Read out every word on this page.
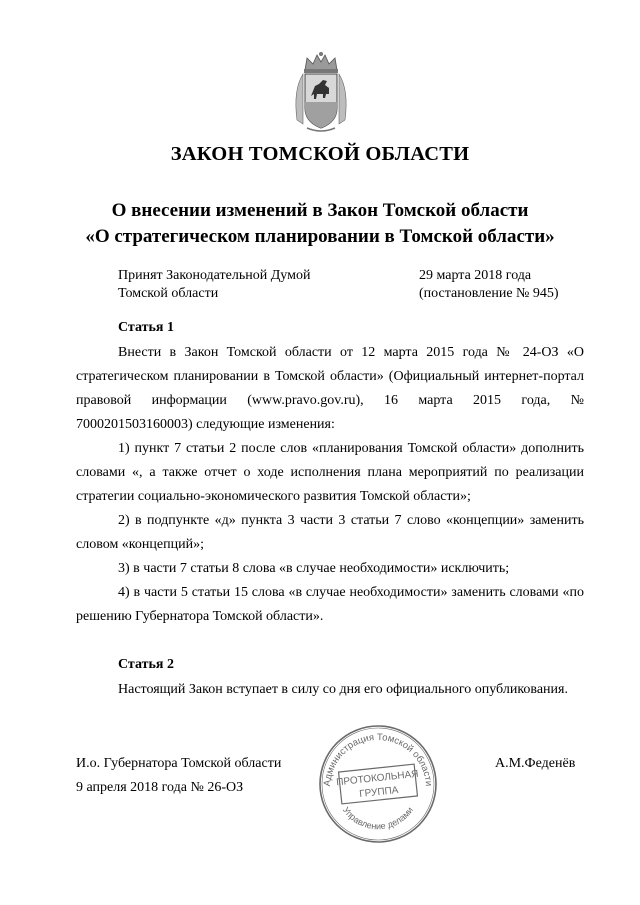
ЗАКОН ТОМСКОЙ ОБЛАСТИ
О внесении изменений в Закон Томской области
«О стратегическом планировании в Томской области»
Принят Законодательной Думой
Томской области
29 марта 2018 года
(постановление № 945)
Статья 1

Внести в Закон Томской области от 12 марта 2015 года № 24-ОЗ «О стратегическом планировании в Томской области» (Официальный интернет-портал правовой информации (www.pravo.gov.ru), 16 марта 2015 года, № 7000201503160003) следующие изменения:

1) пункт 7 статьи 2 после слов «планирования Томской области» дополнить словами «, а также отчет о ходе исполнения плана мероприятий по реализации стратегии социально-экономического развития Томской области»;

2) в подпункте «д» пункта 3 части 3 статьи 7 слово «концепции» заменить словом «концепций»;

3) в части 7 статьи 8 слова «в случае необходимости» исключить;

4) в части 5 статьи 15 слова «в случае необходимости» заменить словами «по решению Губернатора Томской области».

Статья 2

Настоящий Закон вступает в силу со дня его официального опубликования.

И.о. Губернатора Томской области
9 апреля 2018 года № 26-ОЗ
А.М.Феденёв
Администрация Томской области
Управление делами
ПРОТОКОЛЬНАЯ
ГРУППА
